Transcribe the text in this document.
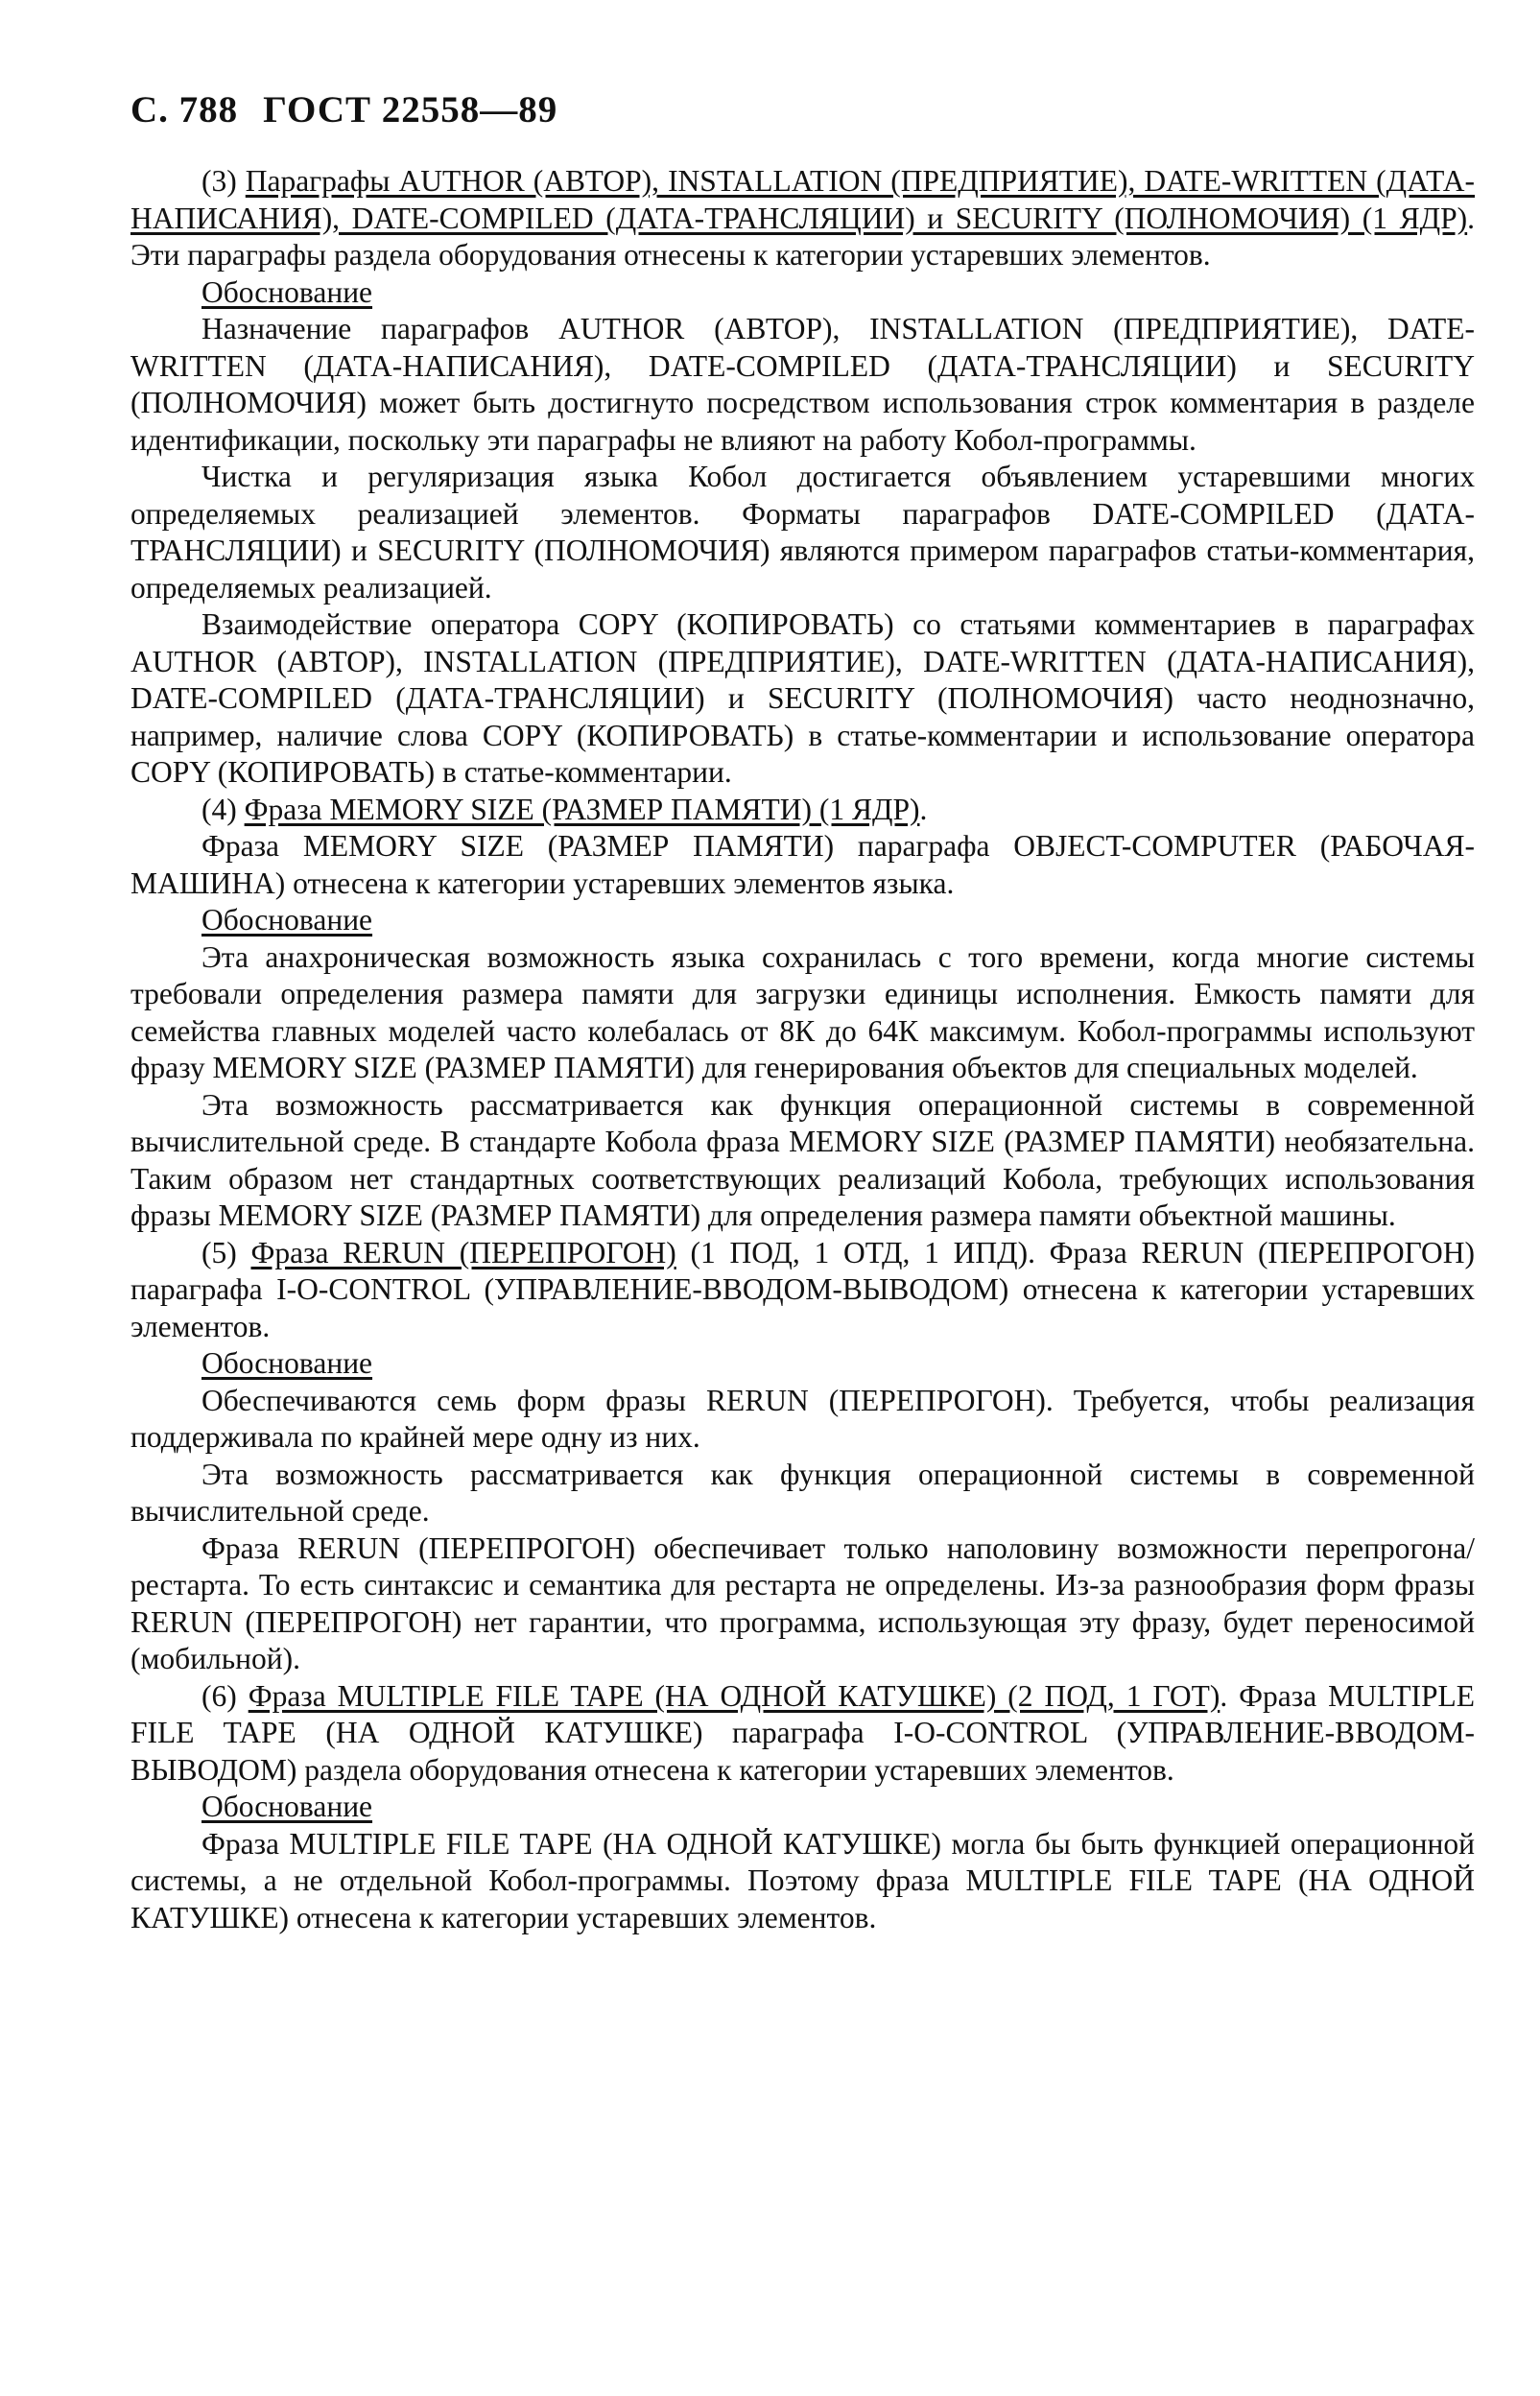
С. 788 ГОСТ 22558—89

(3) Параграфы AUTHOR (АВТОР), INSTALLATION (ПРЕДПРИЯТИЕ), DATE-WRITTEN (ДАТА-НАПИСАНИЯ), DATE-COMPILED (ДАТА-ТРАНСЛЯЦИИ) и SECURITY (ПОЛНОМОЧИЯ) (1 ЯДР). Эти параграфы раздела оборудования отнесены к категории устаревших элементов.

Обоснование

Назначение параграфов AUTHOR (АВТОР), INSTALLATION (ПРЕДПРИЯТИЕ), DATE-WRITTEN (ДАТА-НАПИСАНИЯ), DATE-COMPILED (ДАТА-ТРАНСЛЯЦИИ) и SECURITY (ПОЛНОМОЧИЯ) может быть достигнуто посредством использования строк комментария в разделе идентификации, поскольку эти параграфы не влияют на работу Кобол-программы.

Чистка и регуляризация языка Кобол достигается объявлением устаревшими многих определяемых реализацией элементов. Форматы параграфов DATE-COMPILED (ДАТА-ТРАНСЛЯЦИИ) и SECURITY (ПОЛНОМОЧИЯ) являются примером параграфов статьи-комментария, определяемых реализацией.

Взаимодействие оператора COPY (КОПИРОВАТЬ) со статьями комментариев в параграфах AUTHOR (АВТОР), INSTALLATION (ПРЕДПРИЯТИЕ), DATE-WRITTEN (ДАТА-НАПИСАНИЯ), DATE-COMPILED (ДАТА-ТРАНСЛЯЦИИ) и SECURITY (ПОЛНОМОЧИЯ) часто неоднозначно, например, наличие слова COPY (КОПИРОВАТЬ) в статье-комментарии и использование оператора COPY (КОПИРОВАТЬ) в статье-комментарии.

(4) Фраза MEMORY SIZE (РАЗМЕР ПАМЯТИ) (1 ЯДР).

Фраза MEMORY SIZE (РАЗМЕР ПАМЯТИ) параграфа OBJECT-COMPUTER (РАБОЧАЯ-МАШИНА) отнесена к категории устаревших элементов языка.

Обоснование

Эта анахроническая возможность языка сохранилась с того времени, когда многие системы требовали определения размера памяти для загрузки единицы исполнения. Емкость памяти для семейства главных моделей часто колебалась от 8К до 64К максимум. Кобол-программы используют фразу MEMORY SIZE (РАЗМЕР ПАМЯТИ) для генерирования объектов для специальных моделей.

Эта возможность рассматривается как функция операционной системы в современной вычислительной среде. В стандарте Кобола фраза MEMORY SIZE (РАЗМЕР ПАМЯТИ) необязательна. Таким образом нет стандартных соответствующих реализаций Кобола, требующих использования фразы MEMORY SIZE (РАЗМЕР ПАМЯТИ) для определения размера памяти объектной машины.

(5) Фраза RERUN (ПЕРЕПРОГОН) (1 ПОД, 1 ОТД, 1 ИПД). Фраза RERUN (ПЕРЕПРОГОН) параграфа I-O-CONTROL (УПРАВЛЕНИЕ-ВВОДОМ-ВЫВОДОМ) отнесена к категории устаревших элементов.

Обоснование

Обеспечиваются семь форм фразы RERUN (ПЕРЕПРОГОН). Требуется, чтобы реализация поддерживала по крайней мере одну из них.

Эта возможность рассматривается как функция операционной системы в современной вычислительной среде.

Фраза RERUN (ПЕРЕПРОГОН) обеспечивает только наполовину возможности перепрогона/рестарта. То есть синтаксис и семантика для рестарта не определены. Из-за разнообразия форм фразы RERUN (ПЕРЕПРОГОН) нет гарантии, что программа, использующая эту фразу, будет переносимой (мобильной).

(6) Фраза MULTIPLE FILE TAPE (НА ОДНОЙ КАТУШКЕ) (2 ПОД, 1 ГОТ). Фраза MULTIPLE FILE TAPE (НА ОДНОЙ КАТУШКЕ) параграфа I-O-CONTROL (УПРАВЛЕНИЕ-ВВОДОМ-ВЫВОДОМ) раздела оборудования отнесена к категории устаревших элементов.

Обоснование

Фраза MULTIPLE FILE TAPE (НА ОДНОЙ КАТУШКЕ) могла бы быть функцией операционной системы, а не отдельной Кобол-программы. Поэтому фраза MULTIPLE FILE TAPE (НА ОДНОЙ КАТУШКЕ) отнесена к категории устаревших элементов.
